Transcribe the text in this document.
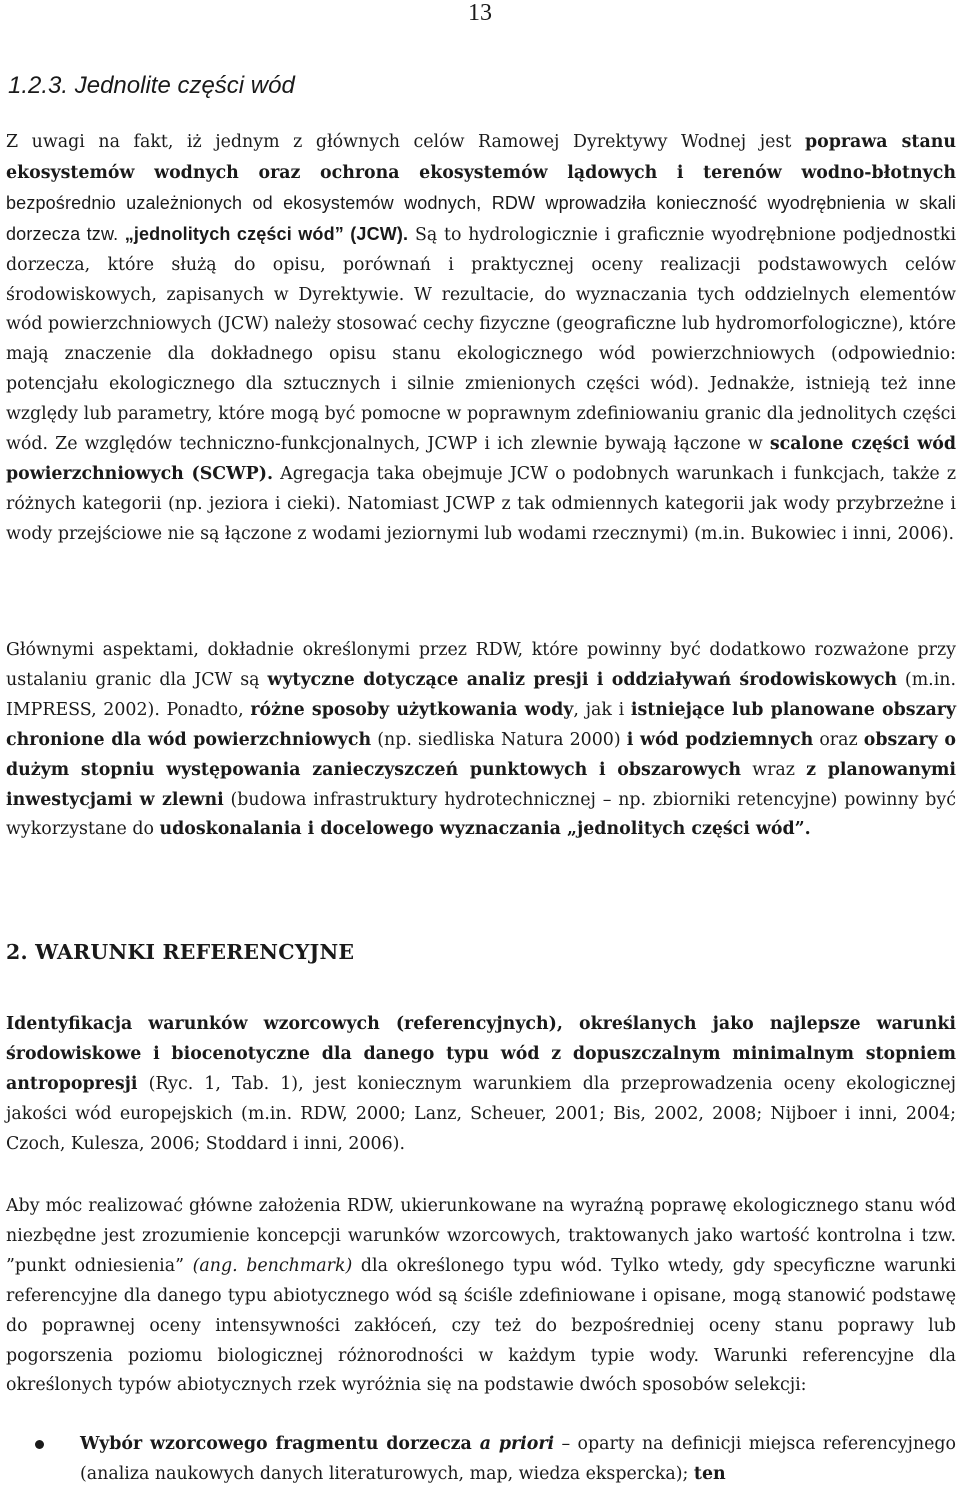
13
1.2.3. Jednolite części wód

Z uwagi na fakt, iż jednym z głównych celów Ramowej Dyrektywy Wodnej jest poprawa stanu ekosystemów wodnych oraz ochrona ekosystemów lądowych i terenów wodno-błotnych bezpośrednio uzależnionych od ekosystemów wodnych, RDW wprowadziła konieczność wyodrębnienia w skali dorzecza tzw. „jednolitych części wód” (JCW). Są to hydrologicznie i graficznie wyodrębnione podjednostki dorzecza, które służą do opisu, porównań i praktycznej oceny realizacji podstawowych celów środowiskowych, zapisanych w Dyrektywie. W rezultacie, do wyznaczania tych oddzielnych elementów wód powierzchniowych (JCW) należy stosować cechy fizyczne (geograficzne lub hydromorfologiczne), które mają znaczenie dla dokładnego opisu stanu ekologicznego wód powierzchniowych (odpowiednio: potencjału ekologicznego dla sztucznych i silnie zmienionych części wód). Jednakże, istnieją też inne względy lub parametry, które mogą być pomocne w poprawnym zdefiniowaniu granic dla jednolitych części wód. Ze względów techniczno-funkcjonalnych, JCWP i ich zlewnie bywają łączone w scalone części wód powierzchniowych (SCWP). Agregacja taka obejmuje JCW o podobnych warunkach i funkcjach, także z różnych kategorii (np. jeziora i cieki). Natomiast JCWP z tak odmiennych kategorii jak wody przybrzeżne i wody przejściowe nie są łączone z wodami jeziornymi lub wodami rzecznymi) (m.in. Bukowiec i inni, 2006).

Głównymi aspektami, dokładnie określonymi przez RDW, które powinny być dodatkowo rozważone przy ustalaniu granic dla JCW są wytyczne dotyczące analiz presji i oddziaływań środowiskowych (m.in. IMPRESS, 2002). Ponadto, różne sposoby użytkowania wody, jak i istniejące lub planowane obszary chronione dla wód powierzchniowych (np. siedliska Natura 2000) i wód podziemnych oraz obszary o dużym stopniu występowania zanieczyszczeń punktowych i obszarowych wraz z planowanymi inwestycjami w zlewni (budowa infrastruktury hydrotechnicznej – np. zbiorniki retencyjne) powinny być wykorzystane do udoskonalania i docelowego wyznaczania „jednolitych części wód”.

2. WARUNKI REFERENCYJNE

Identyfikacja warunków wzorcowych (referencyjnych), określanych jako najlepsze warunki środowiskowe i biocenotyczne dla danego typu wód z dopuszczalnym minimalnym stopniem antropopresji (Ryc. 1, Tab. 1), jest koniecznym warunkiem dla przeprowadzenia oceny ekologicznej jakości wód europejskich (m.in. RDW, 2000; Lanz, Scheuer, 2001; Bis, 2002, 2008; Nijboer i inni, 2004; Czoch, Kulesza, 2006; Stoddard i inni, 2006).

Aby móc realizować główne założenia RDW, ukierunkowane na wyraźną poprawę ekologicznego stanu wód niezbędne jest zrozumienie koncepcji warunków wzorcowych, traktowanych jako wartość kontrolna i tzw. ”punkt odniesienia” (ang. benchmark) dla określonego typu wód. Tylko wtedy, gdy specyficzne warunki referencyjne dla danego typu abiotycznego wód są ściśle zdefiniowane i opisane, mogą stanowić podstawę do poprawnej oceny intensywności zakłóceń, czy też do bezpośredniej oceny stanu poprawy lub pogorszenia poziomu biologicznej różnorodności w każdym typie wody. Warunki referencyjne dla określonych typów abiotycznych rzek wyróżnia się na podstawie dwóch sposobów selekcji:

Wybór wzorcowego fragmentu dorzecza a priori – oparty na definicji miejsca referencyjnego (analiza naukowych danych literaturowych, map, wiedza ekspercka); ten
